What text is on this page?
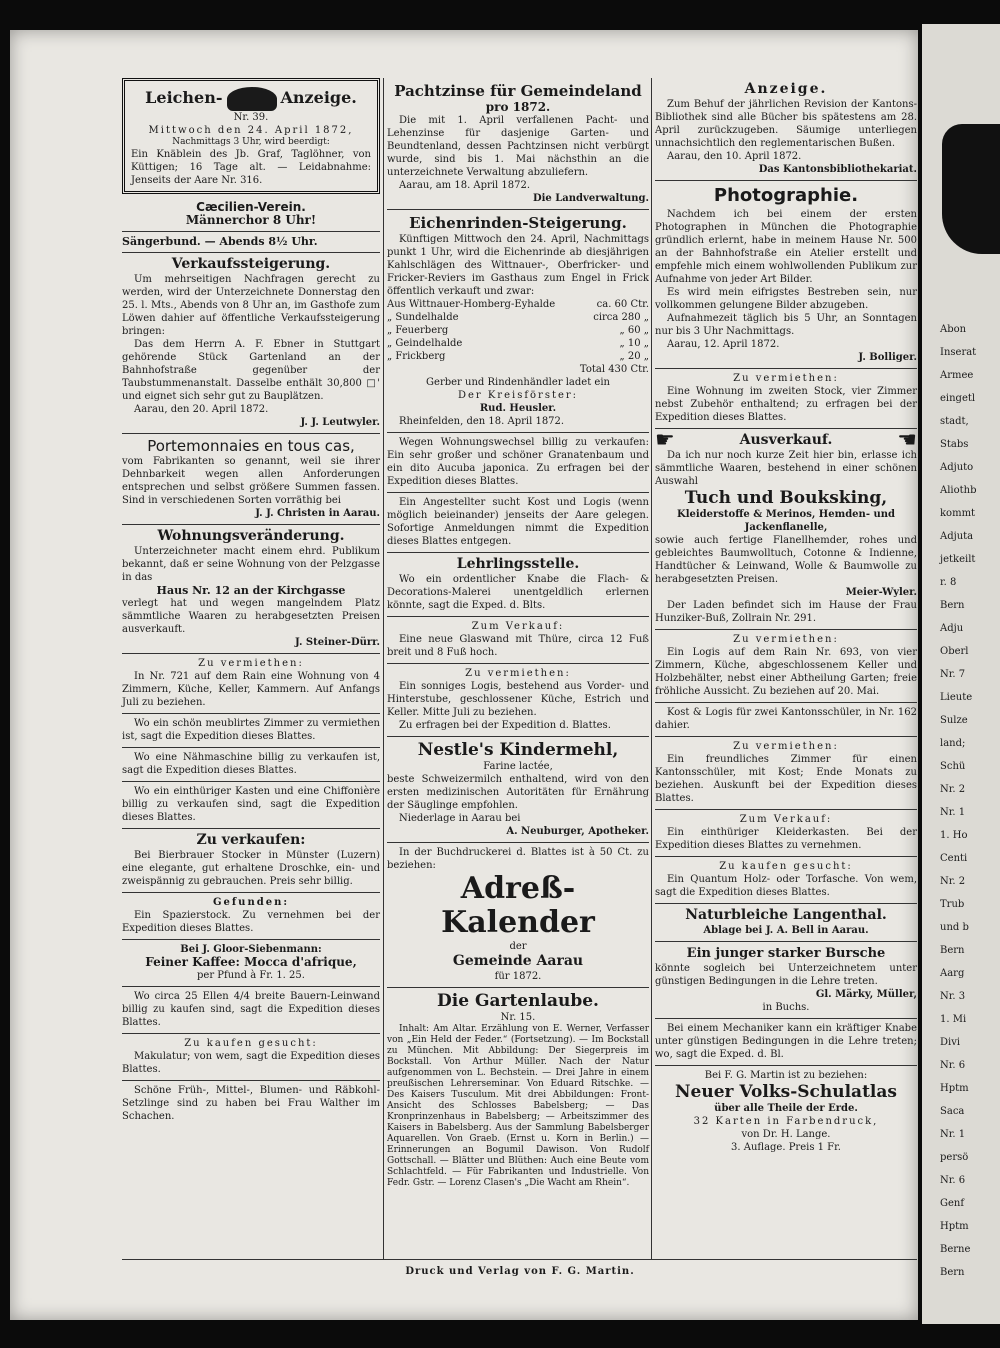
Abon
Inserat
Armee
eingetl
stadt,
Stabs
Adjuto
Aliothb
kommt
Adjuta
jetkeilt
r. 8
Bern
Adju
Oberl
Nr. 7
Lieute
Sulze
land;
Schü
Nr. 2
Nr. 1
1. Ho
Centi
Nr. 2
Trub
und b
Bern
Aarg
Nr. 3
1. Mi
Divi
Nr. 6
Hptm
Saca
Nr. 1
persö
Nr. 6
Genf
Hptm
Berne
Bern
Leichen-	Anzeige.
Nr. 39.
Mittwoch den 24. April 1872,
Nachmittags 3 Uhr, wird beerdigt:
Ein Knäblein des Jb. Graf, Taglöhner, von Küttigen; 16 Tage alt. — Leidabnahme: Jenseits der Aare Nr. 316.
Cæcilien-Verein.
Männerchor 8 Uhr!
Sängerbund. — Abends 8½ Uhr.
Verkaufssteigerung.
Um mehrseitigen Nachfragen gerecht zu werden, wird der Unterzeichnete Donnerstag den 25. l. Mts., Abends von 8 Uhr an, im Gasthofe zum Löwen dahier auf öffentliche Verkaufssteigerung bringen:
Das dem Herrn A. F. Ebner in Stuttgart gehörende Stück Gartenland an der Bahnhofstraße gegenüber der Taubstummenanstalt. Dasselbe enthält 30,800 □' und eignet sich sehr gut zu Bauplätzen.
Aarau, den 20. April 1872.
J. J. Leutwyler.
Portemonnaies en tous cas,
vom Fabrikanten so genannt, weil sie ihrer Dehnbarkeit wegen allen Anforderungen entsprechen und selbst größere Summen fassen. Sind in verschiedenen Sorten vorräthig bei
J. J. Christen in Aarau.
Wohnungsveränderung.
Unterzeichneter macht einem ehrd. Publikum bekannt, daß er seine Wohnung von der Pelzgasse in das
Haus Nr. 12 an der Kirchgasse
verlegt hat und wegen mangelndem Platz sämmtliche Waaren zu herabgesetzten Preisen ausverkauft.
J. Steiner-Dürr.
Zu vermiethen:
In Nr. 721 auf dem Rain eine Wohnung von 4 Zimmern, Küche, Keller, Kammern. Auf Anfangs Juli zu beziehen.
Wo ein schön meublirtes Zimmer zu vermiethen ist, sagt die Expedition dieses Blattes.
Wo eine Nähmaschine billig zu verkaufen ist, sagt die Expedition dieses Blattes.
Wo ein einthüriger Kasten und eine Chiffonière billig zu verkaufen sind, sagt die Expedition dieses Blattes.
Zu verkaufen:
Bei Bierbrauer Stocker in Münster (Luzern) eine elegante, gut erhaltene Droschke, ein- und zweispännig zu gebrauchen. Preis sehr billig.
Gefunden:
Ein Spazierstock. Zu vernehmen bei der Expedition dieses Blattes.
Bei J. Gloor-Siebenmann:
Feiner Kaffee: Mocca d'afrique,
per Pfund à Fr. 1. 25.
Wo circa 25 Ellen 4/4 breite Bauern-Leinwand billig zu kaufen sind, sagt die Expedition dieses Blattes.
Zu kaufen gesucht:
Makulatur; von wem, sagt die Expedition dieses Blattes.
Schöne Früh-, Mittel-, Blumen- und Räbkohl-Setzlinge sind zu haben bei Frau Walther im Schachen.
Pachtzinse für Gemeindeland
pro 1872.
Die mit 1. April verfallenen Pacht- und Lehenzinse für dasjenige Garten- und Beundtenland, dessen Pachtzinsen nicht verbürgt wurde, sind bis 1. Mai nächsthin an die unterzeichnete Verwaltung abzuliefern.
Aarau, am 18. April 1872.
Die Landverwaltung.
Eichenrinden-Steigerung.
Künftigen Mittwoch den 24. April, Nachmittags punkt 1 Uhr, wird die Eichenrinde ab diesjährigen Kahlschlägen des Wittnauer-, Oberfricker- und Fricker-Reviers im Gasthaus zum Engel in Frick öffentlich verkauft und zwar:
Aus Wittnauer-Homberg-Eyhalde	ca. 60 Ctr.
„ Sundelhalde	circa 280 „
„ Feuerberg	„ 60 „
„ Geindelhalde	„ 10 „
„ Frickberg	„ 20 „
Total 430 Ctr.
Gerber und Rindenhändler ladet ein
Der Kreisförster:
Rud. Heusler.
Rheinfelden, den 18. April 1872.
Wegen Wohnungswechsel billig zu verkaufen: Ein sehr großer und schöner Granatenbaum und ein dito Aucuba japonica. Zu erfragen bei der Expedition dieses Blattes.
Ein Angestellter sucht Kost und Logis (wenn möglich beieinander) jenseits der Aare gelegen. Sofortige Anmeldungen nimmt die Expedition dieses Blattes entgegen.
Lehrlingsstelle.
Wo ein ordentlicher Knabe die Flach- & Decorations-Malerei unentgeldlich erlernen könnte, sagt die Exped. d. Blts.
Zum Verkauf:
Eine neue Glaswand mit Thüre, circa 12 Fuß breit und 8 Fuß hoch.
Zu vermiethen:
Ein sonniges Logis, bestehend aus Vorder- und Hinterstube, geschlossener Küche, Estrich und Keller. Mitte Juli zu beziehen.
Zu erfragen bei der Expedition d. Blattes.
Nestle's Kindermehl,
Farine lactée,
beste Schweizermilch enthaltend, wird von den ersten medizinischen Autoritäten für Ernährung der Säuglinge empfohlen.
Niederlage in Aarau bei
A. Neuburger, Apotheker.
In der Buchdruckerei d. Blattes ist à 50 Ct. zu beziehen:
Adreß-Kalender
der
Gemeinde Aarau
für 1872.
Die Gartenlaube.
Nr. 15.
Inhalt: Am Altar. Erzählung von E. Werner, Verfasser von „Ein Held der Feder.“ (Fortsetzung). — Im Bockstall zu München. Mit Abbildung: Der Siegerpreis im Bockstall. Von Arthur Müller. Nach der Natur aufgenommen von L. Bechstein. — Drei Jahre in einem preußischen Lehrerseminar. Von Eduard Ritschke. — Des Kaisers Tusculum. Mit drei Abbildungen: Front-Ansicht des Schlosses Babelsberg; — Das Kronprinzenhaus in Babelsberg; — Arbeitszimmer des Kaisers in Babelsberg. Aus der Sammlung Babelsberger Aquarellen. Von Graeb. (Ernst u. Korn in Berlin.) — Erinnerungen an Bogumil Dawison. Von Rudolf Gottschall. — Blätter und Blüthen: Auch eine Beute vom Schlachtfeld. — Für Fabrikanten und Industrielle. Von Fedr. Gstr. — Lorenz Clasen's „Die Wacht am Rhein“.
Anzeige.
Zum Behuf der jährlichen Revision der Kantons-Bibliothek sind alle Bücher bis spätestens am 28. April zurückzugeben. Säumige unterliegen unnachsichtlich den reglementarischen Bußen.
Aarau, den 10. April 1872.
Das Kantonsbibliothekariat.
Photographie.
Nachdem ich bei einem der ersten Photographen in München die Photographie gründlich erlernt, habe in meinem Hause Nr. 500 an der Bahnhofstraße ein Atelier erstellt und empfehle mich einem wohlwollenden Publikum zur Aufnahme von jeder Art Bilder.
Es wird mein eifrigstes Bestreben sein, nur vollkommen gelungene Bilder abzugeben.
Aufnahmezeit täglich bis 5 Uhr, an Sonntagen nur bis 3 Uhr Nachmittags.
Aarau, 12. April 1872.
J. Bolliger.
Zu vermiethen:
Eine Wohnung im zweiten Stock, vier Zimmer nebst Zubehör enthaltend; zu erfragen bei der Expedition dieses Blattes.
☛	Ausverkauf.	☚
Da ich nur noch kurze Zeit hier bin, erlasse ich sämmtliche Waaren, bestehend in einer schönen Auswahl
Tuch und Bouksking,
Kleiderstoffe & Merinos, Hemden- und Jackenflanelle,
sowie auch fertige Flanellhemder, rohes und gebleichtes Baumwolltuch, Cotonne & Indienne, Handtücher & Leinwand, Wolle & Baumwolle zu herabgesetzten Preisen.
Meier-Wyler.
Der Laden befindet sich im Hause der Frau Hunziker-Buß, Zollrain Nr. 291.
Zu vermiethen:
Ein Logis auf dem Rain Nr. 693, von vier Zimmern, Küche, abgeschlossenem Keller und Holzbehälter, nebst einer Abtheilung Garten; freie fröhliche Aussicht. Zu beziehen auf 20. Mai.
Kost & Logis für zwei Kantonsschüler, in Nr. 162 dahier.
Zu vermiethen:
Ein freundliches Zimmer für einen Kantonsschüler, mit Kost; Ende Monats zu beziehen. Auskunft bei der Expedition dieses Blattes.
Zum Verkauf:
Ein einthüriger Kleiderkasten. Bei der Expedition dieses Blattes zu vernehmen.
Zu kaufen gesucht:
Ein Quantum Holz- oder Torfasche. Von wem, sagt die Expedition dieses Blattes.
Naturbleiche Langenthal.
Ablage bei J. A. Bell in Aarau.
Ein junger starker Bursche
könnte sogleich bei Unterzeichnetem unter günstigen Bedingungen in die Lehre treten.
Gl. Märky, Müller,
in Buchs.
Bei einem Mechaniker kann ein kräftiger Knabe unter günstigen Bedingungen in die Lehre treten; wo, sagt die Exped. d. Bl.
Bei F. G. Martin ist zu beziehen:
Neuer Volks-Schulatlas
über alle Theile der Erde.
32 Karten in Farbendruck,
von Dr. H. Lange.
3. Auflage. Preis 1 Fr.
Druck und Verlag von F. G. Martin.
